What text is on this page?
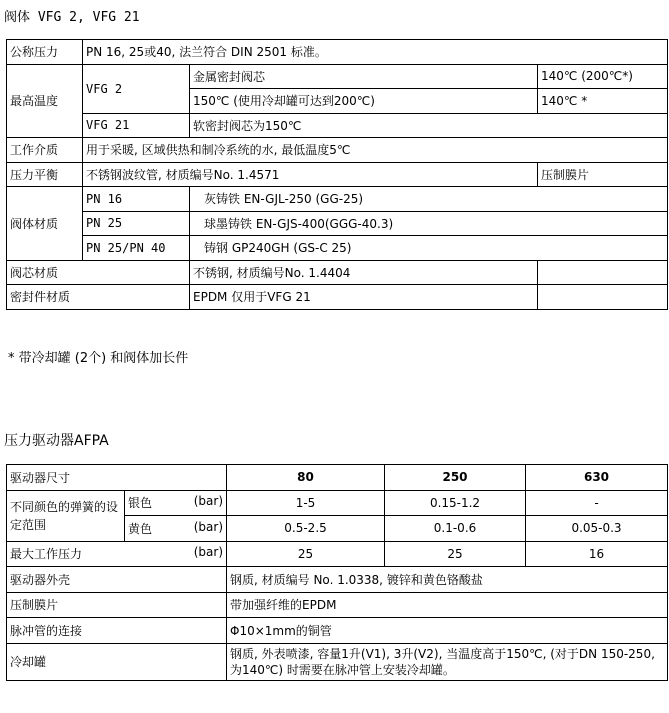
阀体 VFG 2, VFG 21
公称压力	PN 16, 25或40, 法兰符合 DIN 2501 标准。		
最高温度	VFG 2	金属密封阀芯	140℃ (200℃*)
		150℃ (使用冷却罐可达到200℃)	140℃ *
	VFG 21	软密封阀芯为150℃	
工作介质	用于采暖, 区域供热和制冷系统的水, 最低温度5℃		
压力平衡	不锈钢波纹管, 材质编号No. 1.4571		压制膜片
阀体材质	PN 16	灰铸铁 EN-GJL-250 (GG-25)	
	PN 25	球墨铸铁 EN-GJS-400(GGG-40.3)	
	PN 25/PN 40	铸钢 GP240GH (GS-C 25)	
阀芯材质		不锈钢, 材质编号No. 1.4404	
密封件材质		EPDM 仅用于VFG 21	
* 带冷却罐 (2个) 和阀体加长件
压力驱动器AFPA
驱动器尺寸		80	250	630
不同颜色的弹簧的设定范围	银色 (bar)	1-5	0.15-1.2	-
	黄色 (bar)	0.5-2.5	0.1-0.6	0.05-0.3
最大工作压力 (bar)		25	25	16
驱动器外壳		钢质, 材质编号 No. 1.0338, 镀锌和黄色铬酸盐		
压制膜片		带加强纤维的EPDM		
脉冲管的连接		Φ10×1mm的铜管		
冷却罐		钢质, 外表喷漆, 容量1升(V1), 3升(V2), 当温度高于150℃, (对于DN 150-250, 为140℃) 时需要在脉冲管上安装冷却罐。		
